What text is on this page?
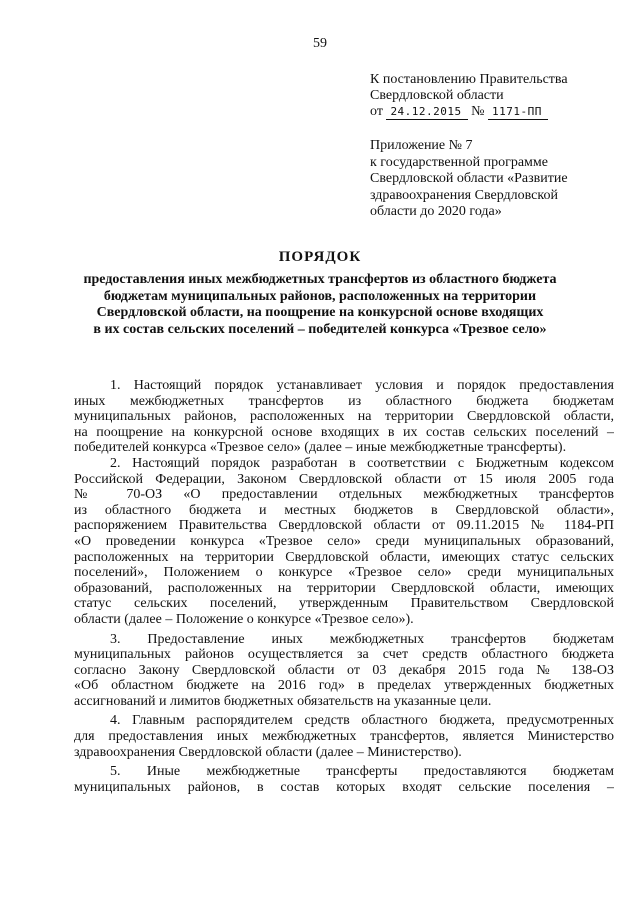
59
К постановлению Правительства
Свердловской области
от 24.12.2015 № 1171-ПП
Приложение № 7
к государственной программе
Свердловской области «Развитие
здравоохранения Свердловской
области до 2020 года»
ПОРЯДОК
предоставления иных межбюджетных трансфертов из областного бюджета
бюджетам муниципальных районов, расположенных на территории
Свердловской области, на поощрение на конкурсной основе входящих
в их состав сельских поселений – победителей конкурса «Трезвое село»
1. Настоящий порядок устанавливает условия и порядок предоставления
иных межбюджетных трансфертов из областного бюджета бюджетам
муниципальных районов, расположенных на территории Свердловской области,
на поощрение на конкурсной основе входящих в их состав сельских поселений –
победителей конкурса «Трезвое село» (далее – иные межбюджетные трансферты).
2. Настоящий порядок разработан в соответствии с Бюджетным кодексом
Российской Федерации, Законом Свердловской области от 15 июля 2005 года
№ 70-ОЗ «О предоставлении отдельных межбюджетных трансфертов
из областного бюджета и местных бюджетов в Свердловской области»,
распоряжением Правительства Свердловской области от 09.11.2015 № 1184-РП
«О проведении конкурса «Трезвое село» среди муниципальных образований,
расположенных на территории Свердловской области, имеющих статус сельских
поселений», Положением о конкурсе «Трезвое село» среди муниципальных
образований, расположенных на территории Свердловской области, имеющих
статус сельских поселений, утвержденным Правительством Свердловской
области (далее – Положение о конкурсе «Трезвое село»).
3. Предоставление иных межбюджетных трансфертов бюджетам
муниципальных районов осуществляется за счет средств областного бюджета
согласно Закону Свердловской области от 03 декабря 2015 года № 138-ОЗ
«Об областном бюджете на 2016 год» в пределах утвержденных бюджетных
ассигнований и лимитов бюджетных обязательств на указанные цели.
4. Главным распорядителем средств областного бюджета, предусмотренных
для предоставления иных межбюджетных трансфертов, является Министерство
здравоохранения Свердловской области (далее – Министерство).
5. Иные межбюджетные трансферты предоставляются бюджетам
муниципальных районов, в состав которых входят сельские поселения –
